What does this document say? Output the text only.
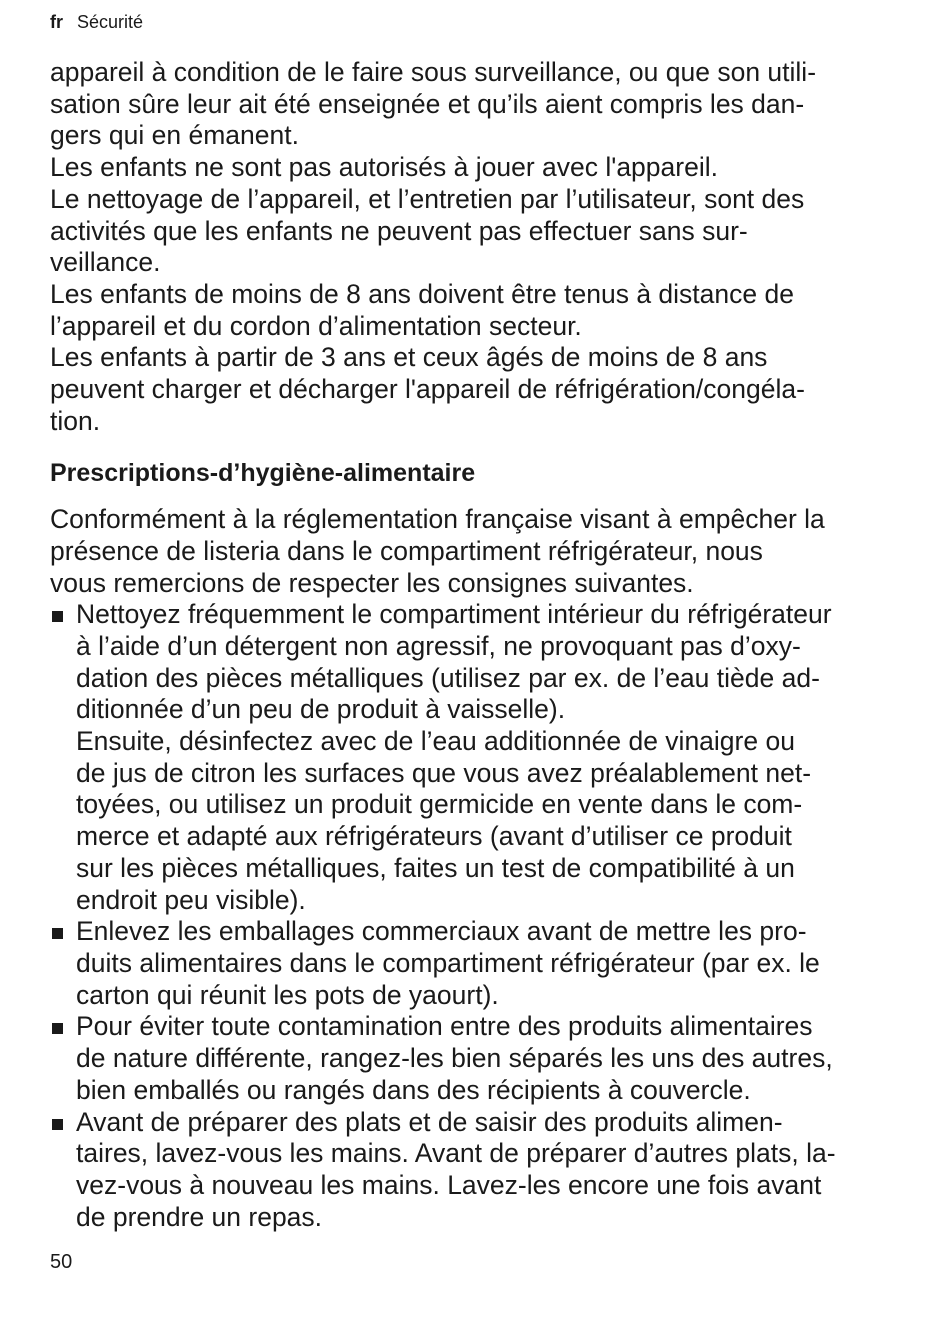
fr Sécurité
appareil à condition de le faire sous surveillance, ou que son utili-
sation sûre leur ait été enseignée et qu’ils aient compris les dan-
gers qui en émanent.
Les enfants ne sont pas autorisés à jouer avec l'appareil.
Le nettoyage de l’appareil, et l’entretien par l’utilisateur, sont des
activités que les enfants ne peuvent pas effectuer sans sur-
veillance.
Les enfants de moins de 8 ans doivent être tenus à distance de
l’appareil et du cordon d’alimentation secteur.
Les enfants à partir de 3 ans et ceux âgés de moins de 8 ans
peuvent charger et décharger l'appareil de réfrigération/congéla-
tion.
Prescriptions-d’hygiène-alimentaire
Conformément à la réglementation française visant à empêcher la
présence de listeria dans le compartiment réfrigérateur, nous
vous remercions de respecter les consignes suivantes.
Nettoyez fréquemment le compartiment intérieur du réfrigérateur
à l’aide d’un détergent non agressif, ne provoquant pas d’oxy-
dation des pièces métalliques (utilisez par ex. de l’eau tiède ad-
ditionnée d’un peu de produit à vaisselle).
Ensuite, désinfectez avec de l’eau additionnée de vinaigre ou
de jus de citron les surfaces que vous avez préalablement net-
toyées, ou utilisez un produit germicide en vente dans le com-
merce et adapté aux réfrigérateurs (avant d’utiliser ce produit
sur les pièces métalliques, faites un test de compatibilité à un
endroit peu visible).
Enlevez les emballages commerciaux avant de mettre les pro-
duits alimentaires dans le compartiment réfrigérateur (par ex. le
carton qui réunit les pots de yaourt).
Pour éviter toute contamination entre des produits alimentaires
de nature différente, rangez-les bien séparés les uns des autres,
bien emballés ou rangés dans des récipients à couvercle.
Avant de préparer des plats et de saisir des produits alimen-
taires, lavez-vous les mains. Avant de préparer d’autres plats, la-
vez-vous à nouveau les mains. Lavez-les encore une fois avant
de prendre un repas.
50
